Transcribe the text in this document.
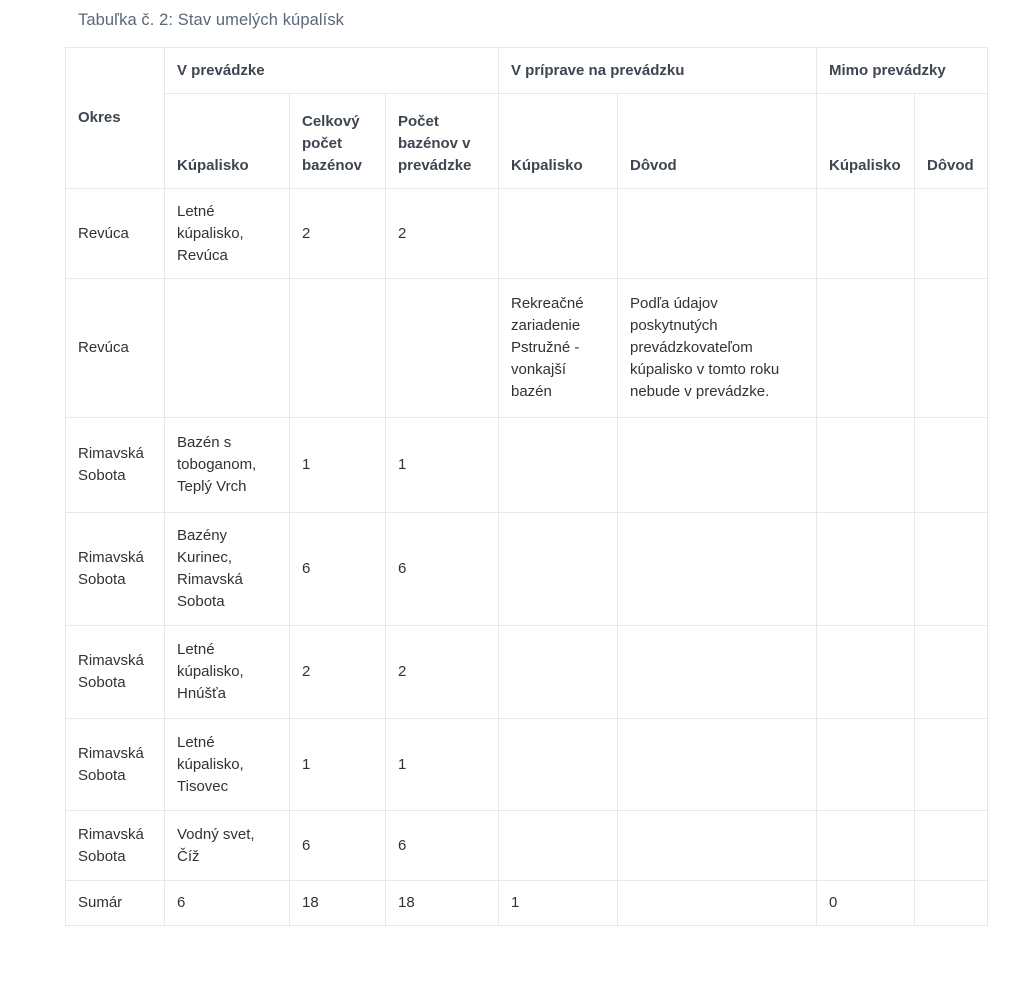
Tabuľka č. 2: Stav umelých kúpalísk
Okres	V prevádzke			V príprave na prevádzku		Mimo prevádzky	
	Kúpalisko	Celkový počet bazénov	Počet bazénov v prevádzke	Kúpalisko	Dôvod	Kúpalisko	Dôvod
Revúca	Letné kúpalisko, Revúca	2	2				
Revúca				Rekreačné zariadenie Pstružné - vonkajší bazén	Podľa údajov poskytnutých prevádzkovateľom kúpalisko v tomto roku nebude v prevádzke.		
Rimavská Sobota	Bazén s toboganom, Teplý Vrch	1	1				
Rimavská Sobota	Bazény Kurinec, Rimavská Sobota	6	6				
Rimavská Sobota	Letné kúpalisko, Hnúšťa	2	2				
Rimavská Sobota	Letné kúpalisko, Tisovec	1	1				
Rimavská Sobota	Vodný svet, Číž	6	6				
Sumár	6	18	18	1		0	
